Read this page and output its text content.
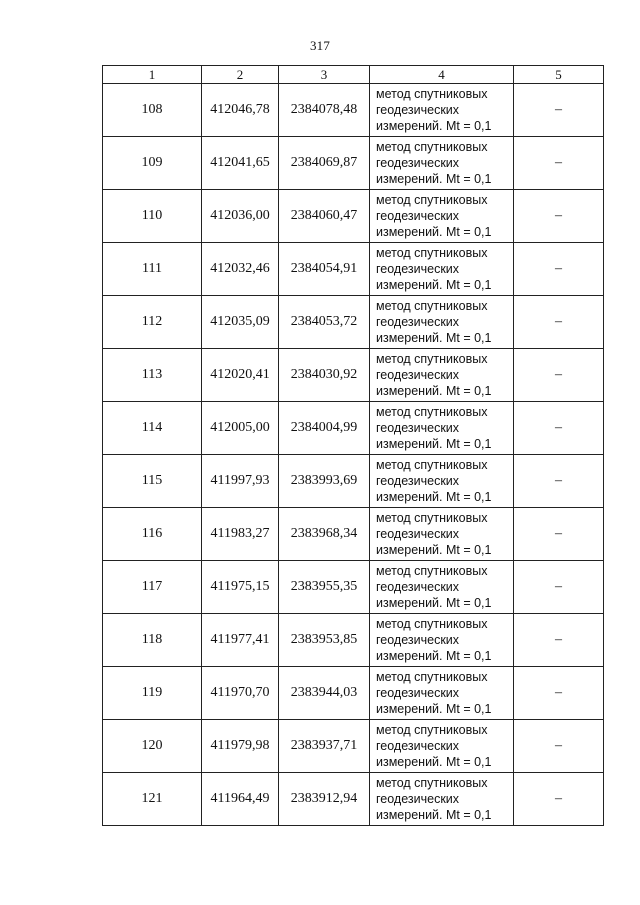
317
1	2	3	4	5
108	412046,78	2384078,48	метод спутниковых
геодезических
измерений. Mt = 0,1	–
109	412041,65	2384069,87	метод спутниковых
геодезических
измерений. Mt = 0,1	–
110	412036,00	2384060,47	метод спутниковых
геодезических
измерений. Mt = 0,1	–
111	412032,46	2384054,91	метод спутниковых
геодезических
измерений. Mt = 0,1	–
112	412035,09	2384053,72	метод спутниковых
геодезических
измерений. Mt = 0,1	–
113	412020,41	2384030,92	метод спутниковых
геодезических
измерений. Mt = 0,1	–
114	412005,00	2384004,99	метод спутниковых
геодезических
измерений. Mt = 0,1	–
115	411997,93	2383993,69	метод спутниковых
геодезических
измерений. Mt = 0,1	–
116	411983,27	2383968,34	метод спутниковых
геодезических
измерений. Mt = 0,1	–
117	411975,15	2383955,35	метод спутниковых
геодезических
измерений. Mt = 0,1	–
118	411977,41	2383953,85	метод спутниковых
геодезических
измерений. Mt = 0,1	–
119	411970,70	2383944,03	метод спутниковых
геодезических
измерений. Mt = 0,1	–
120	411979,98	2383937,71	метод спутниковых
геодезических
измерений. Mt = 0,1	–
121	411964,49	2383912,94	метод спутниковых
геодезических
измерений. Mt = 0,1	–
